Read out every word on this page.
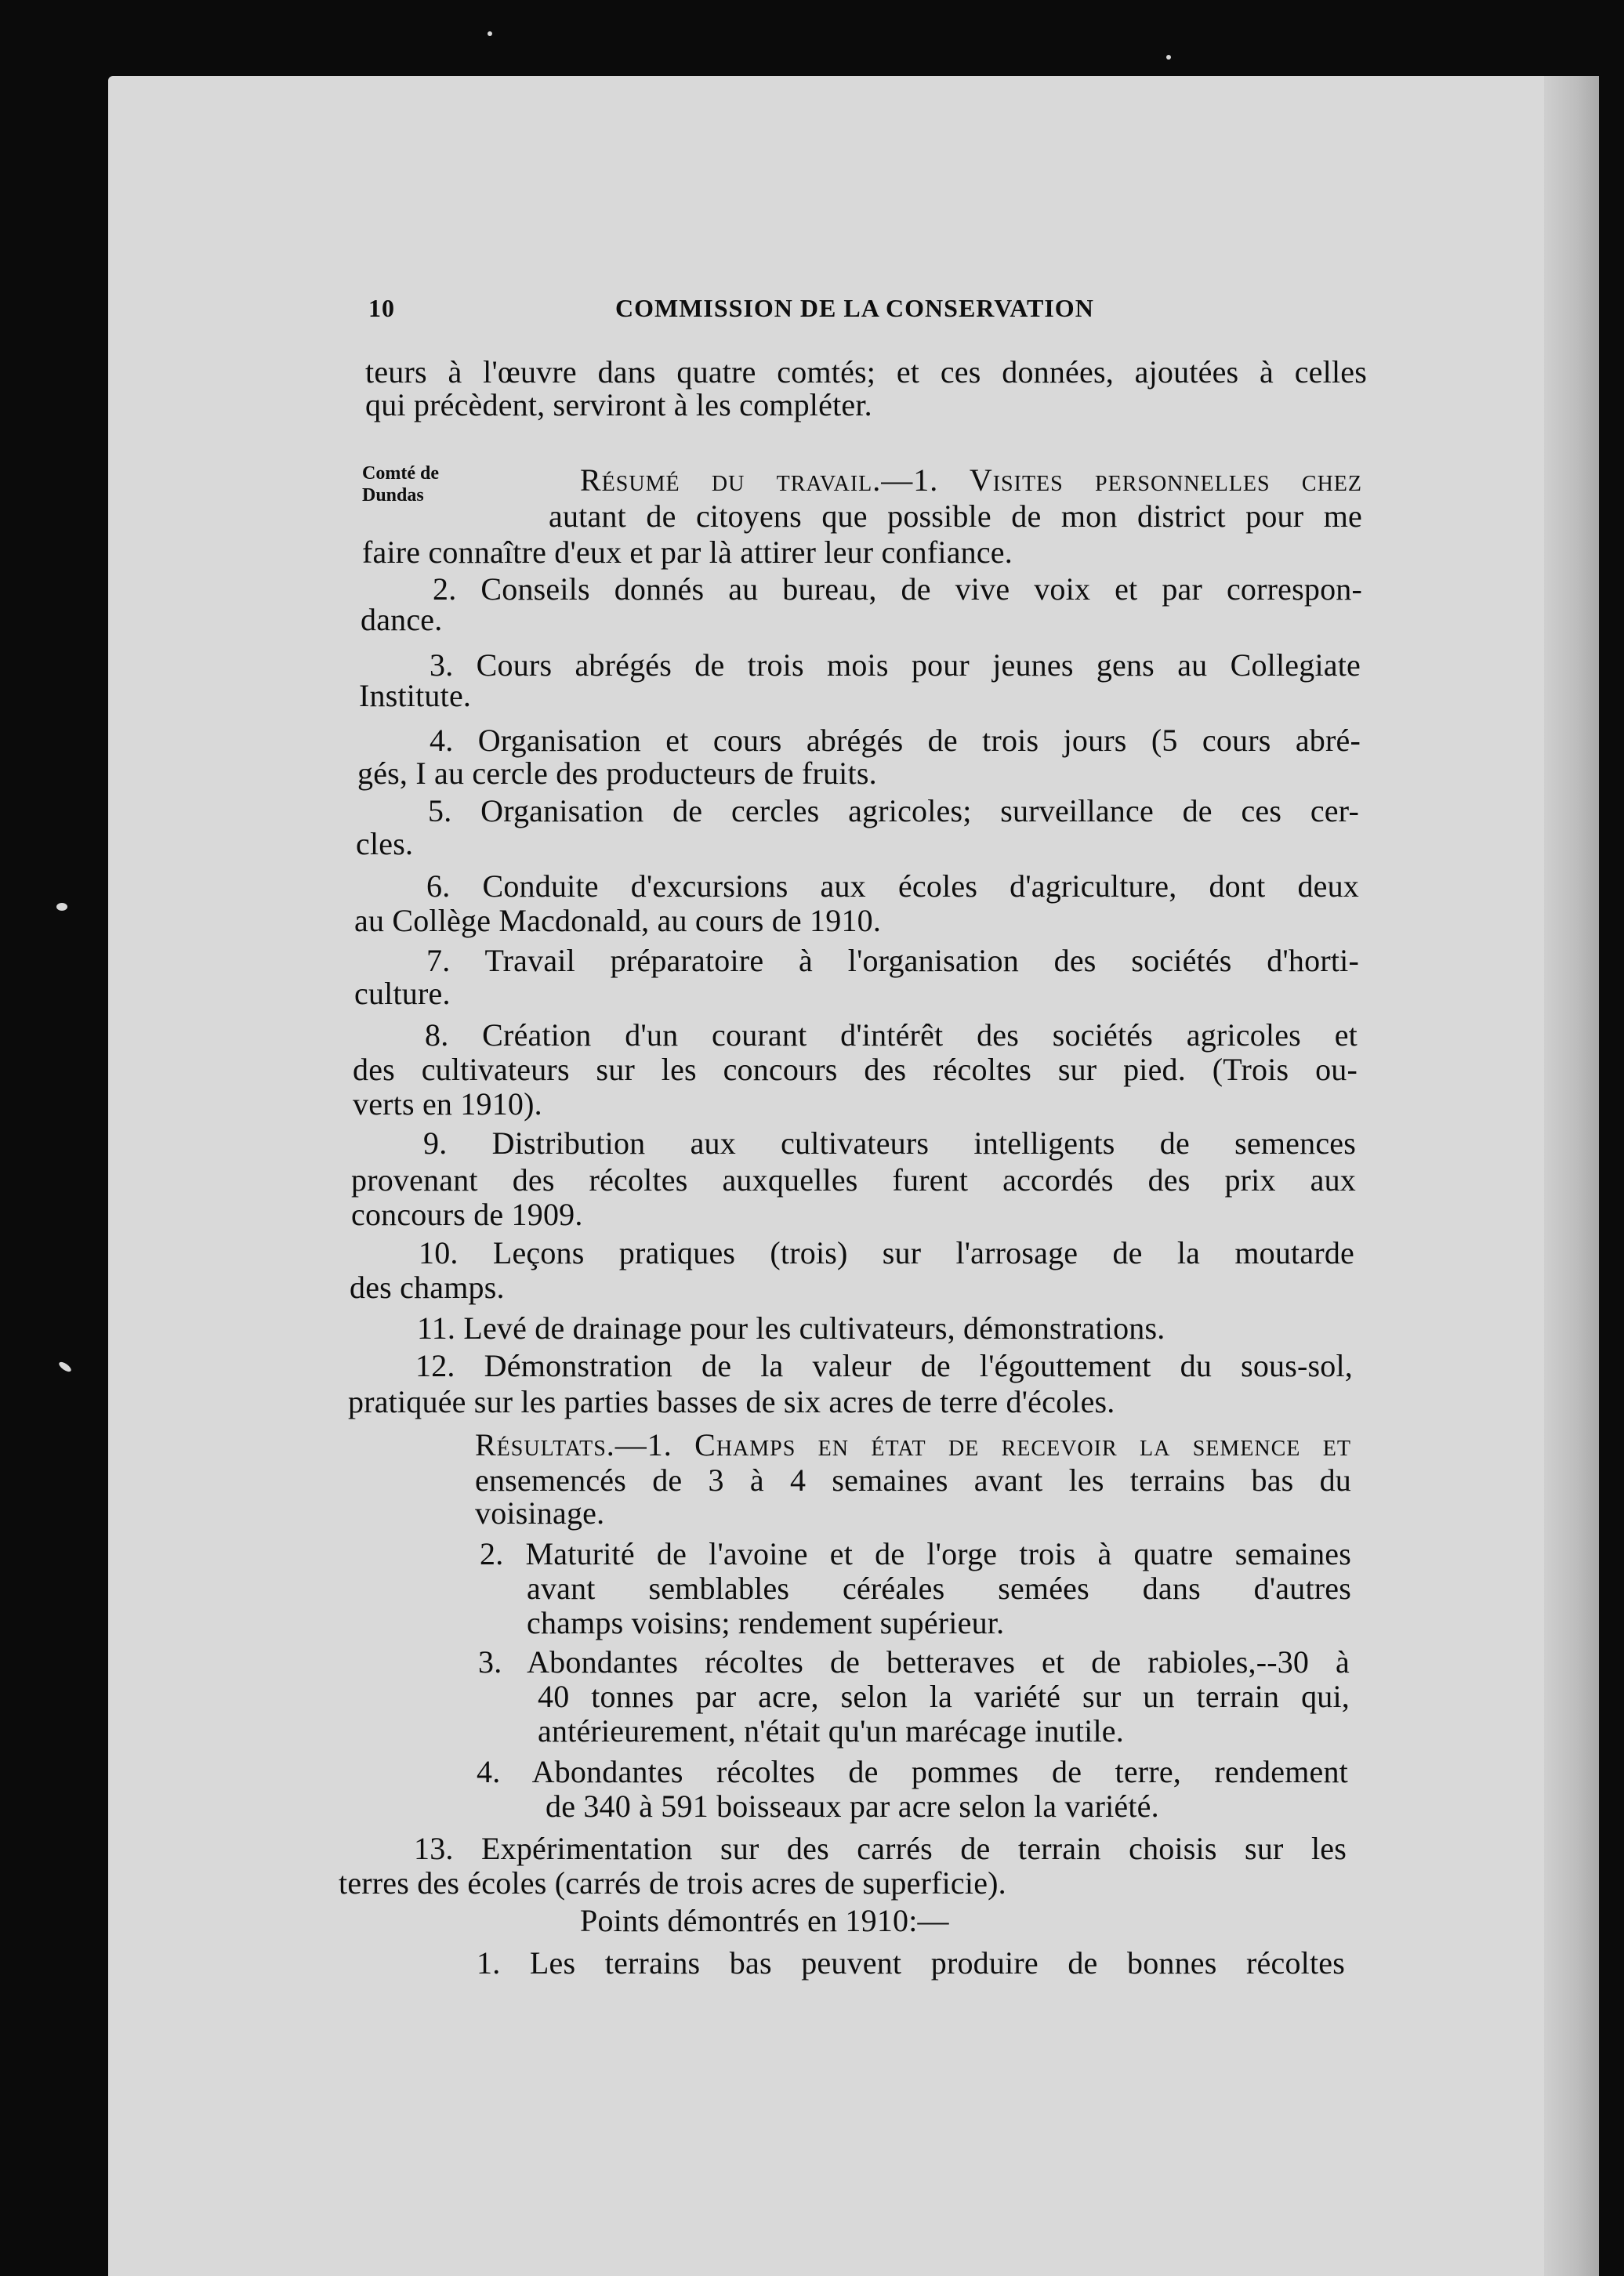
10	COMMISSION DE LA CONSERVATION
Comté de
Dundas
teurs à l'œuvre dans quatre comtés; et ces données, ajoutées à celles
qui précèdent, serviront à les compléter.
Résumé du travail.—1. Visites personnelles chez
autant de citoyens que possible de mon district pour me
faire connaître d'eux et par là attirer leur confiance.
2. Conseils donnés au bureau, de vive voix et par correspon-
dance.
3. Cours abrégés de trois mois pour jeunes gens au Collegiate
Institute.
4. Organisation et cours abrégés de trois jours (5 cours abré-
gés, I au cercle des producteurs de fruits.
5. Organisation de cercles agricoles; surveillance de ces cer-
cles.
6. Conduite d'excursions aux écoles d'agriculture, dont deux
au Collège Macdonald, au cours de 1910.
7. Travail préparatoire à l'organisation des sociétés d'horti-
culture.
8. Création d'un courant d'intérêt des sociétés agricoles et
des cultivateurs sur les concours des récoltes sur pied. (Trois ou-
verts en 1910).
9. Distribution aux cultivateurs intelligents de semences
provenant des récoltes auxquelles furent accordés des prix aux
concours de 1909.
10. Leçons pratiques (trois) sur l'arrosage de la moutarde
des champs.
11. Levé de drainage pour les cultivateurs, démonstrations.
12. Démonstration de la valeur de l'égouttement du sous-sol,
pratiquée sur les parties basses de six acres de terre d'écoles.
Résultats.—1. Champs en état de recevoir la semence et
ensemencés de 3 à 4 semaines avant les terrains bas du
voisinage.
2. Maturité de l'avoine et de l'orge trois à quatre semaines
avant semblables céréales semées dans d'autres
champs voisins; rendement supérieur.
3. Abondantes récoltes de betteraves et de rabioles,--30 à
40 tonnes par acre, selon la variété sur un terrain qui,
antérieurement, n'était qu'un marécage inutile.
4. Abondantes récoltes de pommes de terre, rendement
de 340 à 591 boisseaux par acre selon la variété.
13. Expérimentation sur des carrés de terrain choisis sur les
terres des écoles (carrés de trois acres de superficie).
Points démontrés en 1910:—
1. Les terrains bas peuvent produire de bonnes récoltes
